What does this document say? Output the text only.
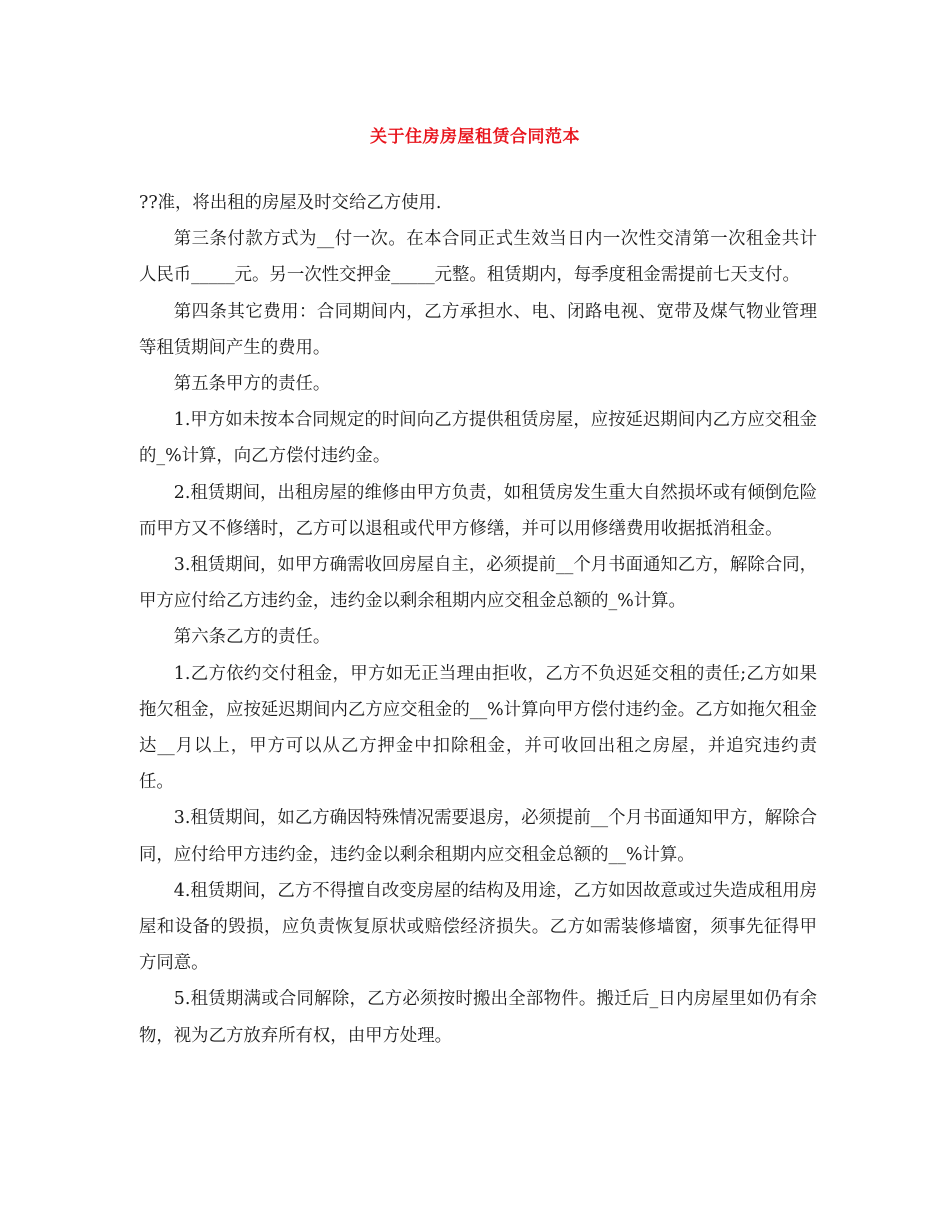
关于住房房屋租赁合同范本

??准，将出租的房屋及时交给乙方使用.

第三条付款方式为__付一次。在本合同正式生效当日内一次性交清第一次租金共计人民币_____元。另一次性交押金_____元整。租赁期内，每季度租金需提前七天支付。

第四条其它费用：合同期间内，乙方承担水、电、闭路电视、宽带及煤气物业管理等租赁期间产生的费用。

第五条甲方的责任。

1.甲方如未按本合同规定的时间向乙方提供租赁房屋，应按延迟期间内乙方应交租金的_%计算，向乙方偿付违约金。

2.租赁期间，出租房屋的维修由甲方负责，如租赁房发生重大自然损坏或有倾倒危险而甲方又不修缮时，乙方可以退租或代甲方修缮，并可以用修缮费用收据抵消租金。

3.租赁期间，如甲方确需收回房屋自主，必须提前__个月书面通知乙方，解除合同，甲方应付给乙方违约金，违约金以剩余租期内应交租金总额的_%计算。

第六条乙方的责任。

1.乙方依约交付租金，甲方如无正当理由拒收，乙方不负迟延交租的责任;乙方如果拖欠租金，应按延迟期间内乙方应交租金的__%计算向甲方偿付违约金。乙方如拖欠租金达__月以上，甲方可以从乙方押金中扣除租金，并可收回出租之房屋，并追究违约责任。

3.租赁期间，如乙方确因特殊情况需要退房，必须提前__个月书面通知甲方，解除合同，应付给甲方违约金，违约金以剩余租期内应交租金总额的__%计算。

4.租赁期间，乙方不得擅自改变房屋的结构及用途，乙方如因故意或过失造成租用房屋和设备的毁损，应负责恢复原状或赔偿经济损失。乙方如需装修墙窗，须事先征得甲方同意。

5.租赁期满或合同解除，乙方必须按时搬出全部物件。搬迁后_日内房屋里如仍有余物，视为乙方放弃所有权，由甲方处理。
